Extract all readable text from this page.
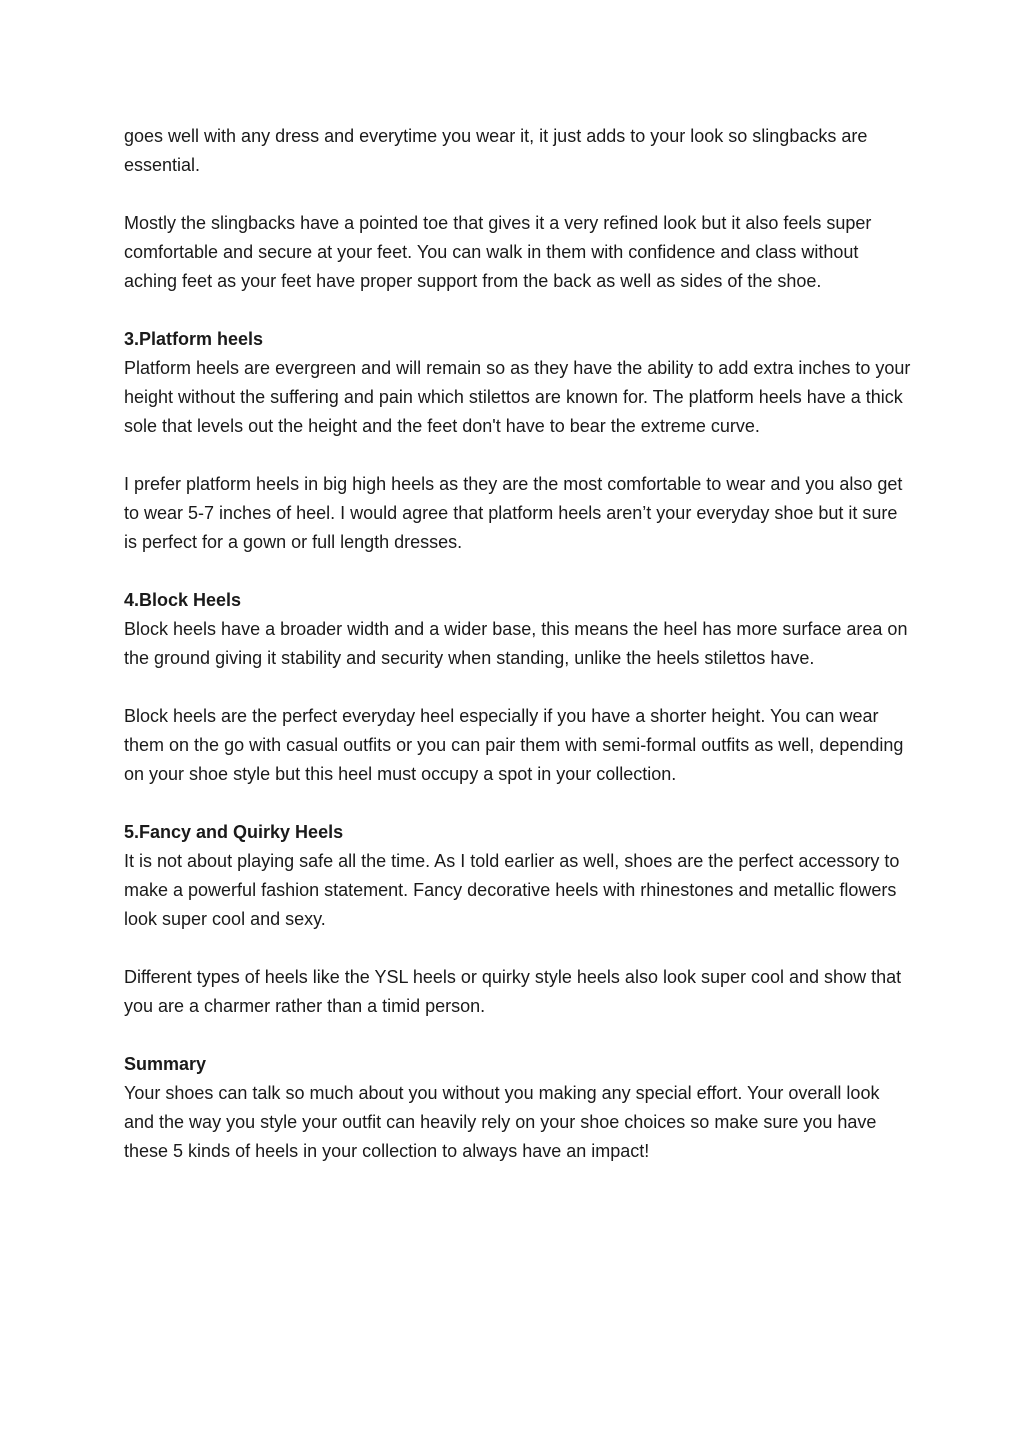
goes well with any dress and everytime you wear it, it just adds to your look so slingbacks are essential.

Mostly the slingbacks have a pointed toe that gives it a very refined look but it also feels super comfortable and secure at your feet. You can walk in them with confidence and class without aching feet as your feet have proper support from the back as well as sides of the shoe.

3.Platform heels

Platform heels are evergreen and will remain so as they have the ability to add extra inches to your height without the suffering and pain which stilettos are known for. The platform heels have a thick sole that levels out the height and the feet don't have to bear the extreme curve.

I prefer platform heels in big high heels as they are the most comfortable to wear and you also get to wear 5-7 inches of heel. I would agree that platform heels aren’t your everyday shoe but it sure is perfect for a gown or full length dresses.

4.Block Heels

Block heels have a broader width and a wider base, this means the heel has more surface area on the ground giving it stability and security when standing, unlike the heels stilettos have.

Block heels are the perfect everyday heel especially if you have a shorter height. You can wear them on the go with casual outfits or you can pair them with semi-formal outfits as well, depending on your shoe style but this heel must occupy a spot in your collection.

5.Fancy and Quirky Heels

It is not about playing safe all the time. As I told earlier as well, shoes are the perfect accessory to make a powerful fashion statement. Fancy decorative heels with rhinestones and metallic flowers look super cool and sexy.

Different types of heels like the YSL heels or quirky style heels also look super cool and show that you are a charmer rather than a timid person.

Summary

Your shoes can talk so much about you without you making any special effort. Your overall look and the way you style your outfit can heavily rely on your shoe choices so make sure you have these 5 kinds of heels in your collection to always have an impact!
